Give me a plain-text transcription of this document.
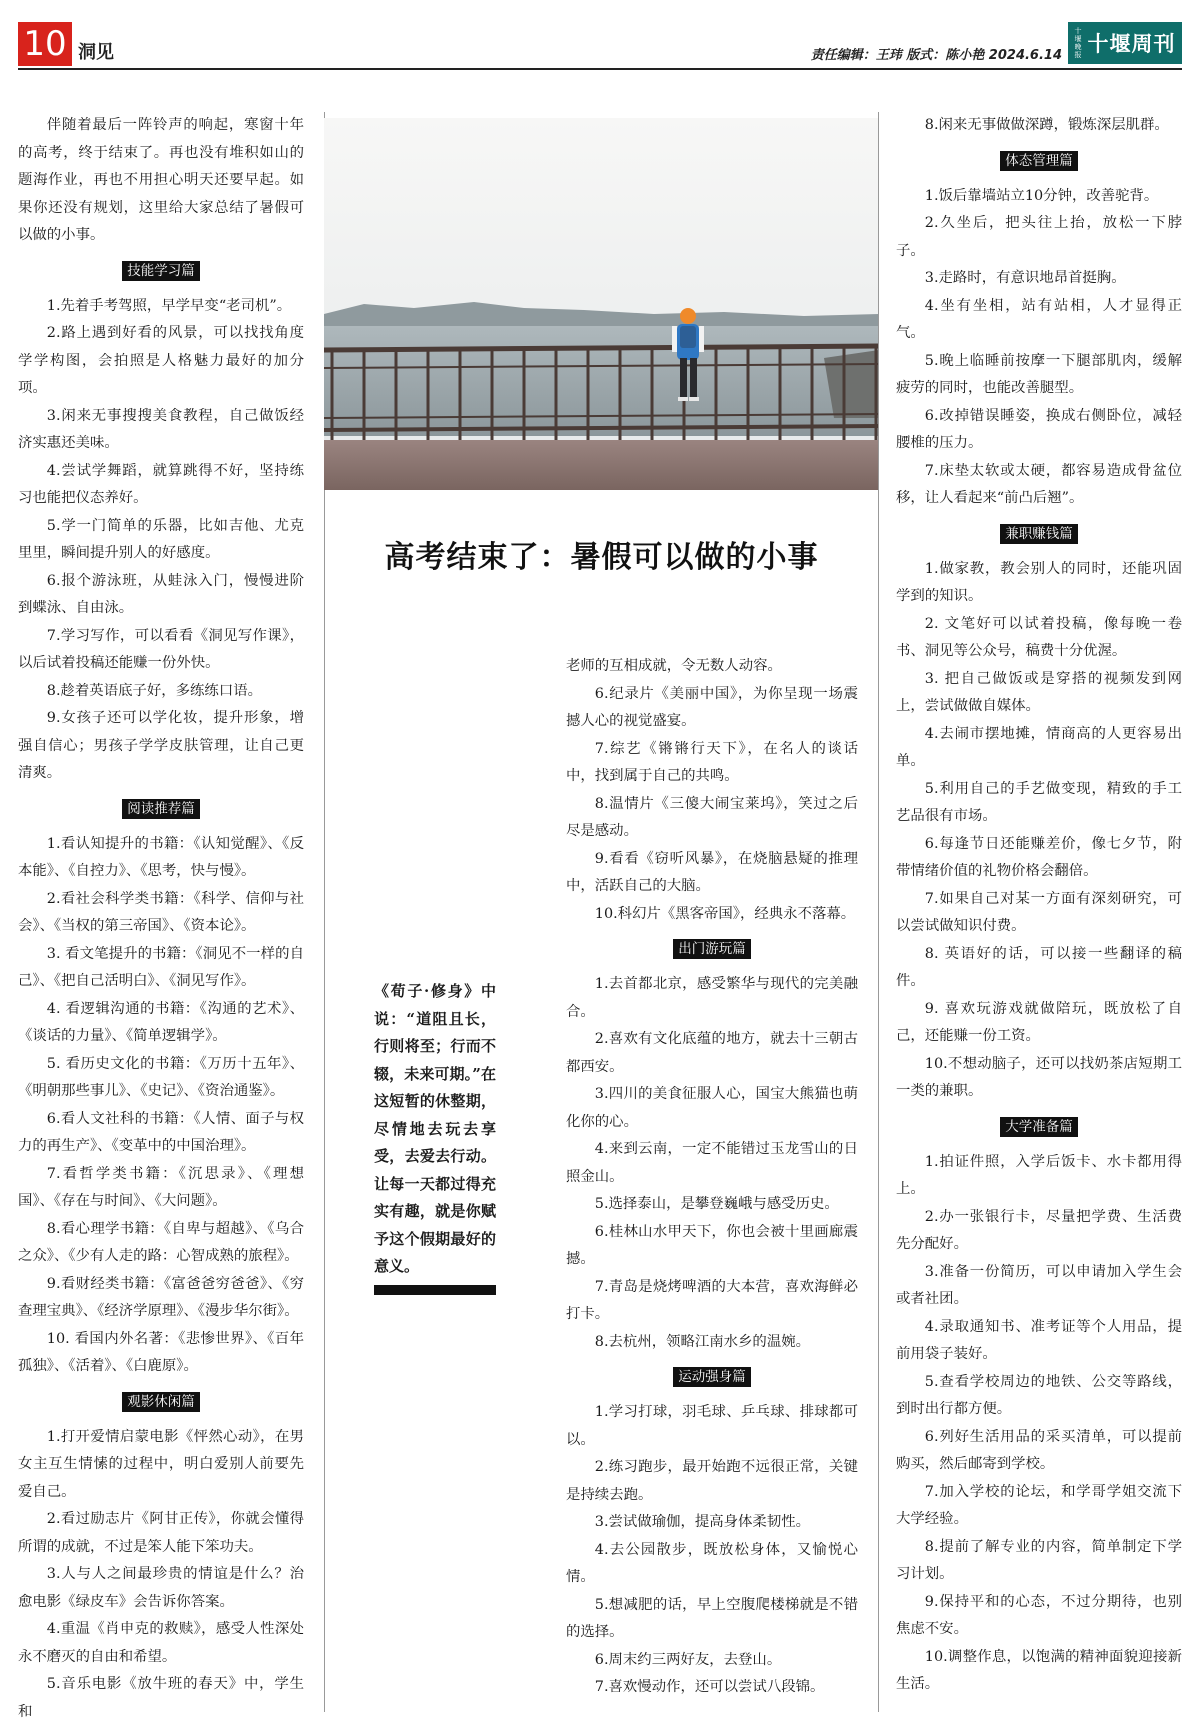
10 洞见	责任编辑：王玮 版式：陈小艳 2024.6.14
十堰晚报 十堰周刊

伴随着最后一阵铃声的响起，寒窗十年的高考，终于结束了。再也没有堆积如山的题海作业，再也不用担心明天还要早起。如果你还没有规划，这里给大家总结了暑假可以做的小事。

技能学习篇

1.先着手考驾照，早学早变“老司机”。

2.路上遇到好看的风景，可以找找角度学学构图，会拍照是人格魅力最好的加分项。

3.闲来无事搜搜美食教程，自己做饭经济实惠还美味。

4.尝试学舞蹈，就算跳得不好，坚持练习也能把仪态养好。

5.学一门简单的乐器，比如吉他、尤克里里，瞬间提升别人的好感度。

6.报个游泳班，从蛙泳入门，慢慢进阶到蝶泳、自由泳。

7.学习写作，可以看看《洞见写作课》，以后试着投稿还能赚一份外快。

8.趁着英语底子好，多练练口语。

9.女孩子还可以学化妆，提升形象，增强自信心；男孩子学学皮肤管理，让自己更清爽。

阅读推荐篇

1.看认知提升的书籍：《认知觉醒》、《反本能》、《自控力》、《思考，快与慢》。

2.看社会科学类书籍：《科学、信仰与社会》、《当权的第三帝国》、《资本论》。

3. 看文笔提升的书籍：《洞见不一样的自己》、《把自己活明白》、《洞见写作》。

4. 看逻辑沟通的书籍：《沟通的艺术》、《谈话的力量》、《简单逻辑学》。

5. 看历史文化的书籍：《万历十五年》、《明朝那些事儿》、《史记》、《资治通鉴》。

6.看人文社科的书籍：《人情、面子与权力的再生产》、《变革中的中国治理》。

7.看哲学类书籍：《沉思录》、《理想国》、《存在与时间》、《大问题》。

8.看心理学书籍：《自卑与超越》、《乌合之众》、《少有人走的路：心智成熟的旅程》。

9.看财经类书籍：《富爸爸穷爸爸》、《穷查理宝典》、《经济学原理》、《漫步华尔街》。

10. 看国内外名著：《悲惨世界》、《百年孤独》、《活着》、《白鹿原》。

观影休闲篇

1.打开爱情启蒙电影《怦然心动》，在男女主互生情愫的过程中，明白爱别人前要先爱自己。

2.看过励志片《阿甘正传》，你就会懂得所谓的成就，不过是笨人能下笨功夫。

3.人与人之间最珍贵的情谊是什么？治愈电影《绿皮车》会告诉你答案。

4.重温《肖申克的救赎》，感受人性深处永不磨灭的自由和希望。

5.音乐电影《放牛班的春天》中，学生和

高考结束了：暑假可以做的小事
《荀子·修身》中说：“道阻且长，行则将至；行而不辍，未来可期。”在这短暂的休整期，尽情地去玩去享受，去爱去行动。让每一天都过得充实有趣，就是你赋予这个假期最好的意义。

老师的互相成就，令无数人动容。

6.纪录片《美丽中国》，为你呈现一场震撼人心的视觉盛宴。

7.综艺《锵锵行天下》，在名人的谈话中，找到属于自己的共鸣。

8.温情片《三傻大闹宝莱坞》，笑过之后尽是感动。

9.看看《窃听风暴》，在烧脑悬疑的推理中，活跃自己的大脑。

10.科幻片《黑客帝国》，经典永不落幕。

出门游玩篇

1.去首都北京，感受繁华与现代的完美融合。

2.喜欢有文化底蕴的地方，就去十三朝古都西安。

3.四川的美食征服人心，国宝大熊猫也萌化你的心。

4.来到云南，一定不能错过玉龙雪山的日照金山。

5.选择泰山，是攀登巍峨与感受历史。

6.桂林山水甲天下，你也会被十里画廊震撼。

7.青岛是烧烤啤酒的大本营，喜欢海鲜必打卡。

8.去杭州，领略江南水乡的温婉。

运动强身篇

1.学习打球，羽毛球、乒乓球、排球都可以。

2.练习跑步，最开始跑不远很正常，关键是持续去跑。

3.尝试做瑜伽，提高身体柔韧性。

4.去公园散步，既放松身体，又愉悦心情。

5.想减肥的话，早上空腹爬楼梯就是不错的选择。

6.周末约三两好友，去登山。

7.喜欢慢动作，还可以尝试八段锦。

8.闲来无事做做深蹲，锻炼深层肌群。

体态管理篇

1.饭后靠墙站立10分钟，改善驼背。

2.久坐后，把头往上抬，放松一下脖子。

3.走路时，有意识地昂首挺胸。

4.坐有坐相，站有站相，人才显得正气。

5.晚上临睡前按摩一下腿部肌肉，缓解疲劳的同时，也能改善腿型。

6.改掉错误睡姿，换成右侧卧位，减轻腰椎的压力。

7.床垫太软或太硬，都容易造成骨盆位移，让人看起来“前凸后翘”。

兼职赚钱篇

1.做家教，教会别人的同时，还能巩固学到的知识。

2. 文笔好可以试着投稿，像每晚一卷书、洞见等公众号，稿费十分优渥。

3. 把自己做饭或是穿搭的视频发到网上，尝试做做自媒体。

4.去闹市摆地摊，情商高的人更容易出单。

5.利用自己的手艺做变现，精致的手工艺品很有市场。

6.每逢节日还能赚差价，像七夕节，附带情绪价值的礼物价格会翻倍。

7.如果自己对某一方面有深刻研究，可以尝试做知识付费。

8. 英语好的话，可以接一些翻译的稿件。

9. 喜欢玩游戏就做陪玩，既放松了自己，还能赚一份工资。

10.不想动脑子，还可以找奶茶店短期工一类的兼职。

大学准备篇

1.拍证件照，入学后饭卡、水卡都用得上。

2.办一张银行卡，尽量把学费、生活费先分配好。

3.准备一份简历，可以申请加入学生会或者社团。

4.录取通知书、准考证等个人用品，提前用袋子装好。

5.查看学校周边的地铁、公交等路线，到时出行都方便。

6.列好生活用品的采买清单，可以提前购买，然后邮寄到学校。

7.加入学校的论坛，和学哥学姐交流下大学经验。

8.提前了解专业的内容，简单制定下学习计划。

9.保持平和的心态，不过分期待，也别焦虑不安。

10.调整作息，以饱满的精神面貌迎接新生活。
